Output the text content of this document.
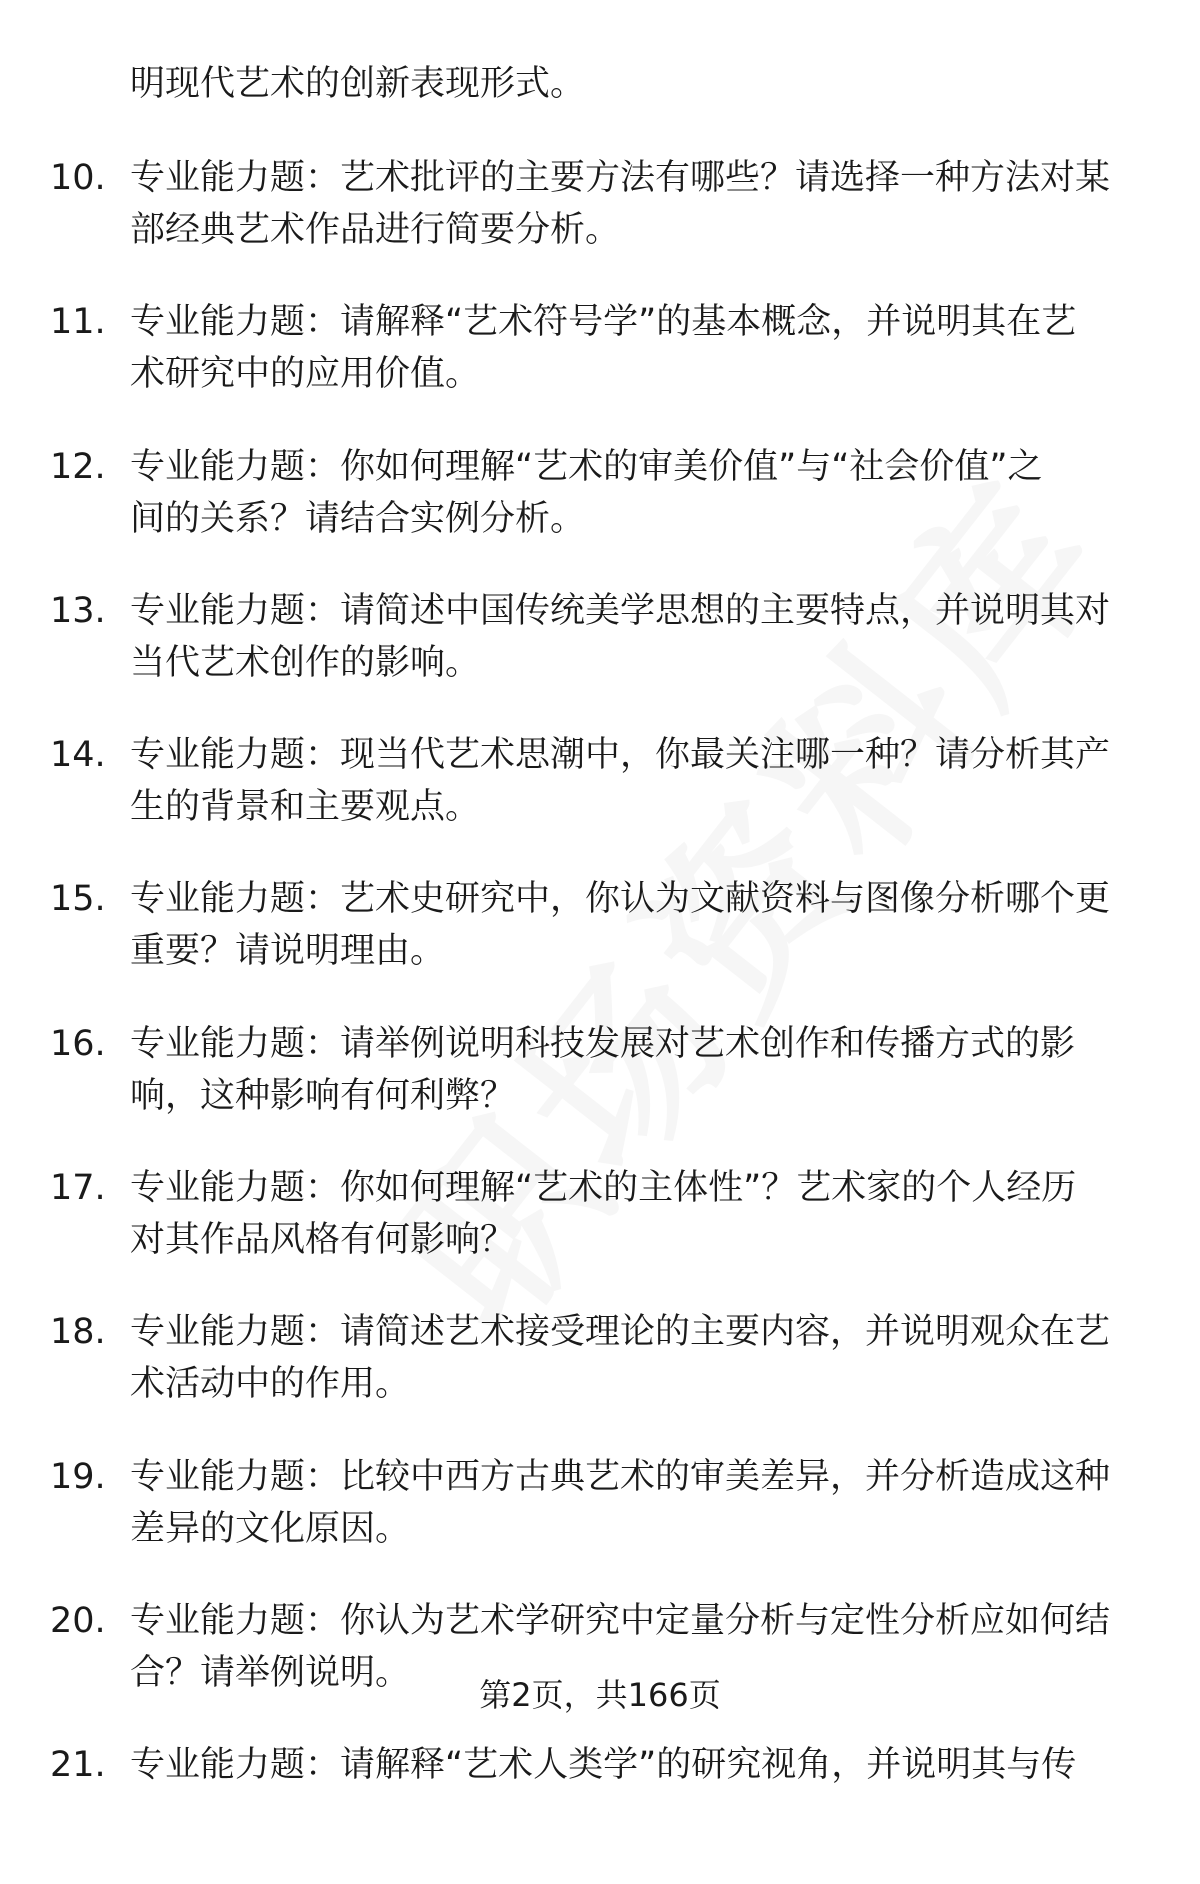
明现代艺术的创新表现形式。
10. 专业能力题：艺术批评的主要方法有哪些？请选择一种方法对某
部经典艺术作品进行简要分析。
11. 专业能力题：请解释“艺术符号学”的基本概念，并说明其在艺
术研究中的应用价值。
12. 专业能力题：你如何理解“艺术的审美价值”与“社会价值”之
间的关系？请结合实例分析。
13. 专业能力题：请简述中国传统美学思想的主要特点，并说明其对
当代艺术创作的影响。
14. 专业能力题：现当代艺术思潮中，你最关注哪一种？请分析其产
生的背景和主要观点。
15. 专业能力题：艺术史研究中，你认为文献资料与图像分析哪个更
重要？请说明理由。
16. 专业能力题：请举例说明科技发展对艺术创作和传播方式的影
响，这种影响有何利弊？
17. 专业能力题：你如何理解“艺术的主体性”？艺术家的个人经历
对其作品风格有何影响？
18. 专业能力题：请简述艺术接受理论的主要内容，并说明观众在艺
术活动中的作用。
19. 专业能力题：比较中西方古典艺术的审美差异，并分析造成这种
差异的文化原因。
20. 专业能力题：你认为艺术学研究中定量分析与定性分析应如何结
合？请举例说明。
21. 专业能力题：请解释“艺术人类学”的研究视角，并说明其与传
第2页，共166页
